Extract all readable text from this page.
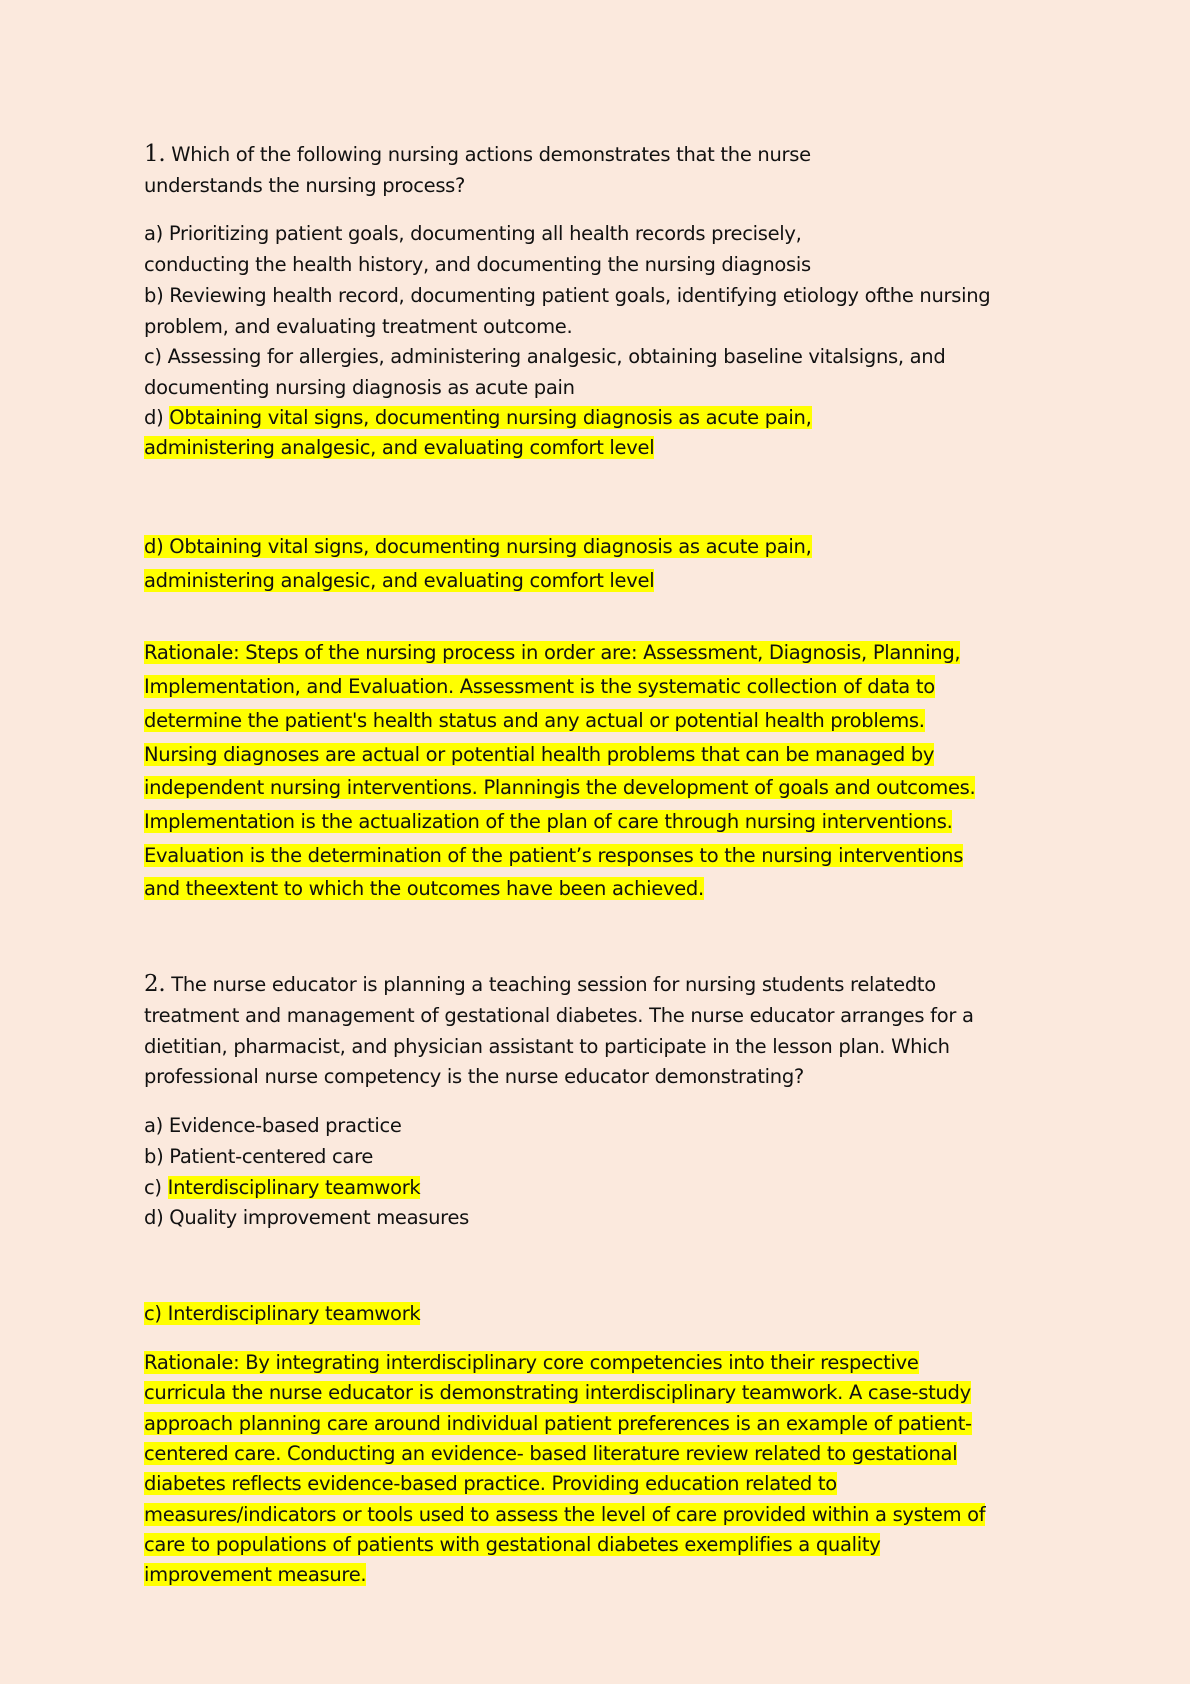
1. Which of the following nursing actions demonstrates that the nurse
understands the nursing process?
a) Prioritizing patient goals, documenting all health records precisely,
conducting the health history, and documenting the nursing diagnosis
b) Reviewing health record, documenting patient goals, identifying etiology ofthe nursing
problem, and evaluating treatment outcome.
c) Assessing for allergies, administering analgesic, obtaining baseline vitalsigns, and
documenting nursing diagnosis as acute pain
d) Obtaining vital signs, documenting nursing diagnosis as acute pain,
administering analgesic, and evaluating comfort level
d) Obtaining vital signs, documenting nursing diagnosis as acute pain,
administering analgesic, and evaluating comfort level
Rationale: Steps of the nursing process in order are: Assessment, Diagnosis, Planning,
Implementation, and Evaluation. Assessment is the systematic collection of data to
determine the patient's health status and any actual or potential health problems.
Nursing diagnoses are actual or potential health problems that can be managed by
independent nursing interventions. Planningis the development of goals and outcomes.
Implementation is the actualization of the plan of care through nursing interventions.
Evaluation is the determination of the patient’s responses to the nursing interventions
and theextent to which the outcomes have been achieved.
2. The nurse educator is planning a teaching session for nursing students relatedto
treatment and management of gestational diabetes. The nurse educator arranges for a
dietitian, pharmacist, and physician assistant to participate in the lesson plan. Which
professional nurse competency is the nurse educator demonstrating?
a) Evidence-based practice
b) Patient-centered care
c) Interdisciplinary teamwork
d) Quality improvement measures
c) Interdisciplinary teamwork
Rationale: By integrating interdisciplinary core competencies into their respective
curricula the nurse educator is demonstrating interdisciplinary teamwork. A case-study
approach planning care around individual patient preferences is an example of patient-
centered care. Conducting an evidence- based literature review related to gestational
diabetes reflects evidence-based practice. Providing education related to
measures/indicators or tools used to assess the level of care provided within a system of
care to populations of patients with gestational diabetes exemplifies a quality
improvement measure.
